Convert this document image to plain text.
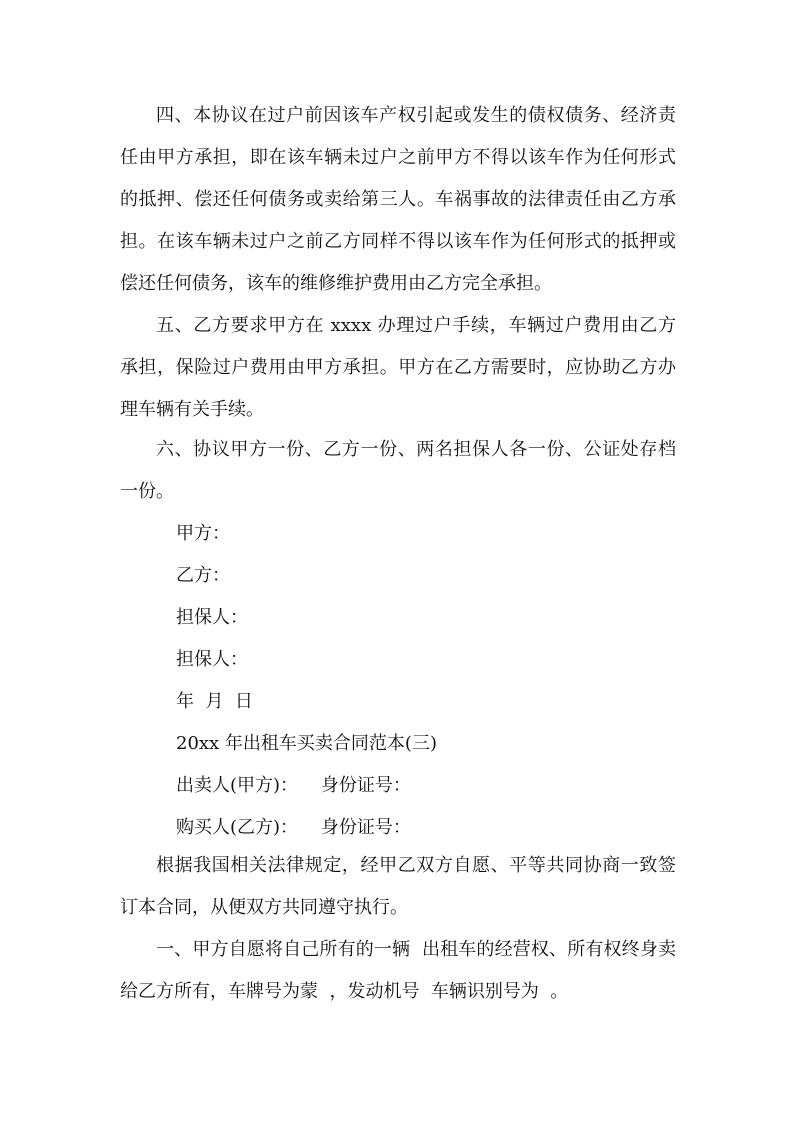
四、本协议在过户前因该车产权引起或发生的债权债务、经济责任由甲方承担，即在该车辆未过户之前甲方不得以该车作为任何形式的抵押、偿还任何债务或卖给第三人。车祸事故的法律责任由乙方承担。在该车辆未过户之前乙方同样不得以该车作为任何形式的抵押或偿还任何债务，该车的维修维护费用由乙方完全承担。

五、乙方要求甲方在 xxxx 办理过户手续，车辆过户费用由乙方承担，保险过户费用由甲方承担。甲方在乙方需要时，应协助乙方办理车辆有关手续。

六、协议甲方一份、乙方一份、两名担保人各一份、公证处存档一份。

甲方：

乙方：

担保人：

担保人：

年  月  日

20xx 年出租车买卖合同范本(三)

出卖人(甲方)：    身份证号：

购买人(乙方)：    身份证号：

根据我国相关法律规定，经甲乙双方自愿、平等共同协商一致签订本合同，从便双方共同遵守执行。

一、甲方自愿将自己所有的一辆  出租车的经营权、所有权终身卖给乙方所有，车牌号为蒙  ，发动机号  车辆识别号为  。
